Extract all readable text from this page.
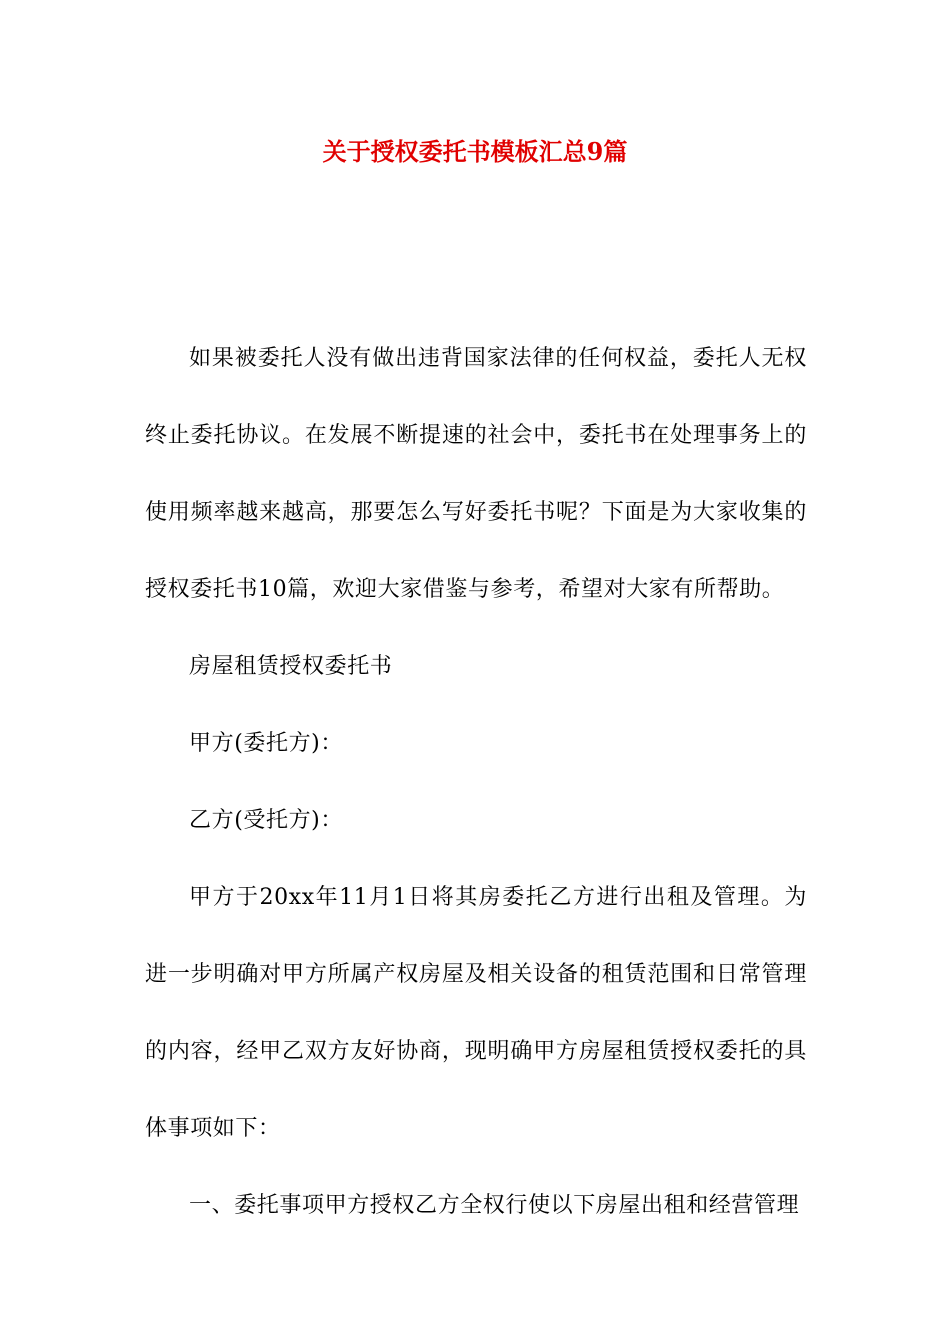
关于授权委托书模板汇总9篇

如果被委托人没有做出违背国家法律的任何权益，委托人无权终止委托协议。在发展不断提速的社会中，委托书在处理事务上的使用频率越来越高，那要怎么写好委托书呢？下面是为大家收集的授权委托书10篇，欢迎大家借鉴与参考，希望对大家有所帮助。

房屋租赁授权委托书

甲方(委托方)：

乙方(受托方)：

甲方于20xx年11月1日将其房委托乙方进行出租及管理。为进一步明确对甲方所属产权房屋及相关设备的租赁范围和日常管理的内容，经甲乙双方友好协商，现明确甲方房屋租赁授权委托的具体事项如下：

一、委托事项甲方授权乙方全权行使以下房屋出租和经营管理
